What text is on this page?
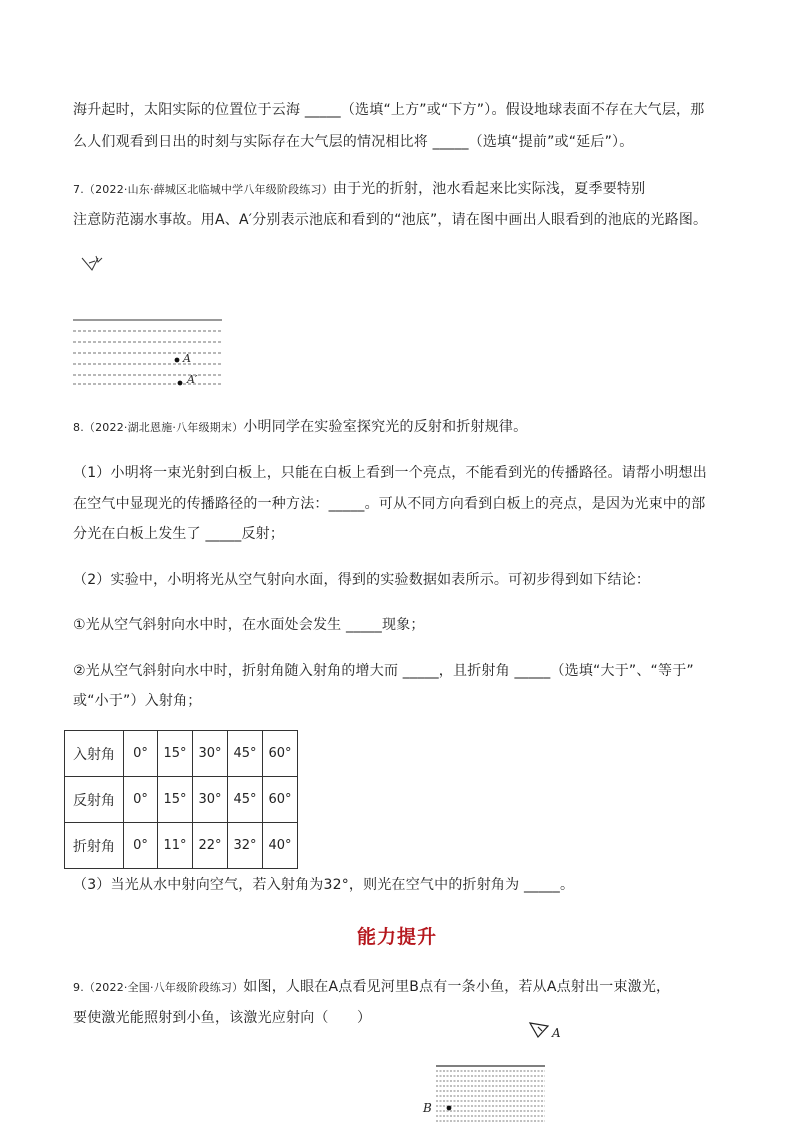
海升起时，太阳实际的位置位于云海 _____（选填“上方”或“下方”）。假设地球表面不存在大气层，那
么人们观看到日出的时刻与实际存在大气层的情况相比将 _____（选填“提前”或“延后”）。
7.（2022·山东·薛城区北临城中学八年级阶段练习）由于光的折射，池水看起来比实际浅，夏季要特别
注意防范溺水事故。用A、A′分别表示池底和看到的“池底”，请在图中画出人眼看到的池底的光路图。
A
A′
8.（2022·湖北恩施·八年级期末）小明同学在实验室探究光的反射和折射规律。
（1）小明将一束光射到白板上，只能在白板上看到一个亮点，不能看到光的传播路径。请帮小明想出
在空气中显现光的传播路径的一种方法：_____。可从不同方向看到白板上的亮点，是因为光束中的部
分光在白板上发生了 _____反射；
（2）实验中，小明将光从空气射向水面，得到的实验数据如表所示。可初步得到如下结论：
①光从空气斜射向水中时，在水面处会发生 _____现象；
②光从空气斜射向水中时，折射角随入射角的增大而 _____，且折射角 _____（选填“大于”、“等于”
或“小于”）入射角；
入射角	0°	15°	30°	45°	60°
反射角	0°	15°	30°	45°	60°
折射角	0°	11°	22°	32°	40°
（3）当光从水中射向空气，若入射角为32°，则光在空气中的折射角为 _____。
能力提升
9.（2022·全国·八年级阶段练习）如图，人眼在A点看见河里B点有一条小鱼，若从A点射出一束激光，
要使激光能照射到小鱼，该激光应射向（　　）
A
B
